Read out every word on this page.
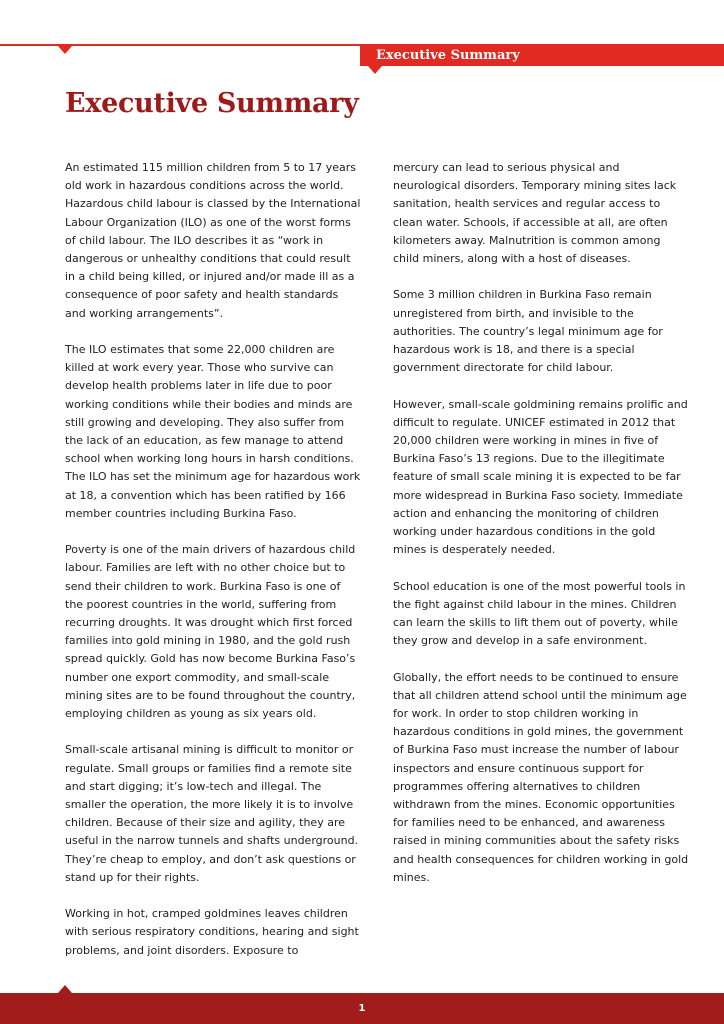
Executive Summary
Executive Summary

An estimated 115 million children from 5 to 17 years old work in hazardous conditions across the world. Hazardous child labour is classed by the International Labour Organization (ILO) as one of the worst forms of child labour. The ILO describes it as “work in dangerous or unhealthy conditions that could result in a child being killed, or injured and/or made ill as a consequence of poor safety and health standards and working arrangements”.

The ILO estimates that some 22,000 children are killed at work every year. Those who survive can develop health problems later in life due to poor working conditions while their bodies and minds are still growing and developing. They also suffer from the lack of an education, as few manage to attend school when working long hours in harsh conditions. The ILO has set the minimum age for hazardous work at 18, a convention which has been ratified by 166 member countries including Burkina Faso.

Poverty is one of the main drivers of hazardous child labour. Families are left with no other choice but to send their children to work. Burkina Faso is one of the poorest countries in the world, suffering from recurring droughts. It was drought which first forced families into gold mining in 1980, and the gold rush spread quickly. Gold has now become Burkina Faso’s number one export commodity, and small-scale mining sites are to be found throughout the country, employing children as young as six years old.

Small-scale artisanal mining is difficult to monitor or regulate. Small groups or families find a remote site and start digging; it’s low-tech and illegal. The smaller the operation, the more likely it is to involve children. Because of their size and agility, they are useful in the narrow tunnels and shafts underground. They’re cheap to employ, and don’t ask questions or stand up for their rights.

Working in hot, cramped goldmines leaves children with serious respiratory conditions, hearing and sight problems, and joint disorders. Exposure to

mercury can lead to serious physical and neurological disorders. Temporary mining sites lack sanitation, health services and regular access to clean water. Schools, if accessible at all, are often kilometers away. Malnutrition is common among child miners, along with a host of diseases.

Some 3 million children in Burkina Faso remain unregistered from birth, and invisible to the authorities. The country’s legal minimum age for hazardous work is 18, and there is a special government directorate for child labour.

However, small-scale goldmining remains prolific and difficult to regulate. UNICEF estimated in 2012 that 20,000 children were working in mines in five of Burkina Faso’s 13 regions. Due to the illegitimate feature of small scale mining it is expected to be far more widespread in Burkina Faso society. Immediate action and enhancing the monitoring of children working under hazardous conditions in the gold mines is desperately needed.

School education is one of the most powerful tools in the fight against child labour in the mines. Children can learn the skills to lift them out of poverty, while they grow and develop in a safe environment.

Globally, the effort needs to be continued to ensure that all children attend school until the minimum age for work. In order to stop children working in hazardous conditions in gold mines, the government of Burkina Faso must increase the number of labour inspectors and ensure continuous support for programmes offering alternatives to children withdrawn from the mines. Economic opportunities for families need to be enhanced, and awareness raised in mining communities about the safety risks and health consequences for children working in gold mines.

1
